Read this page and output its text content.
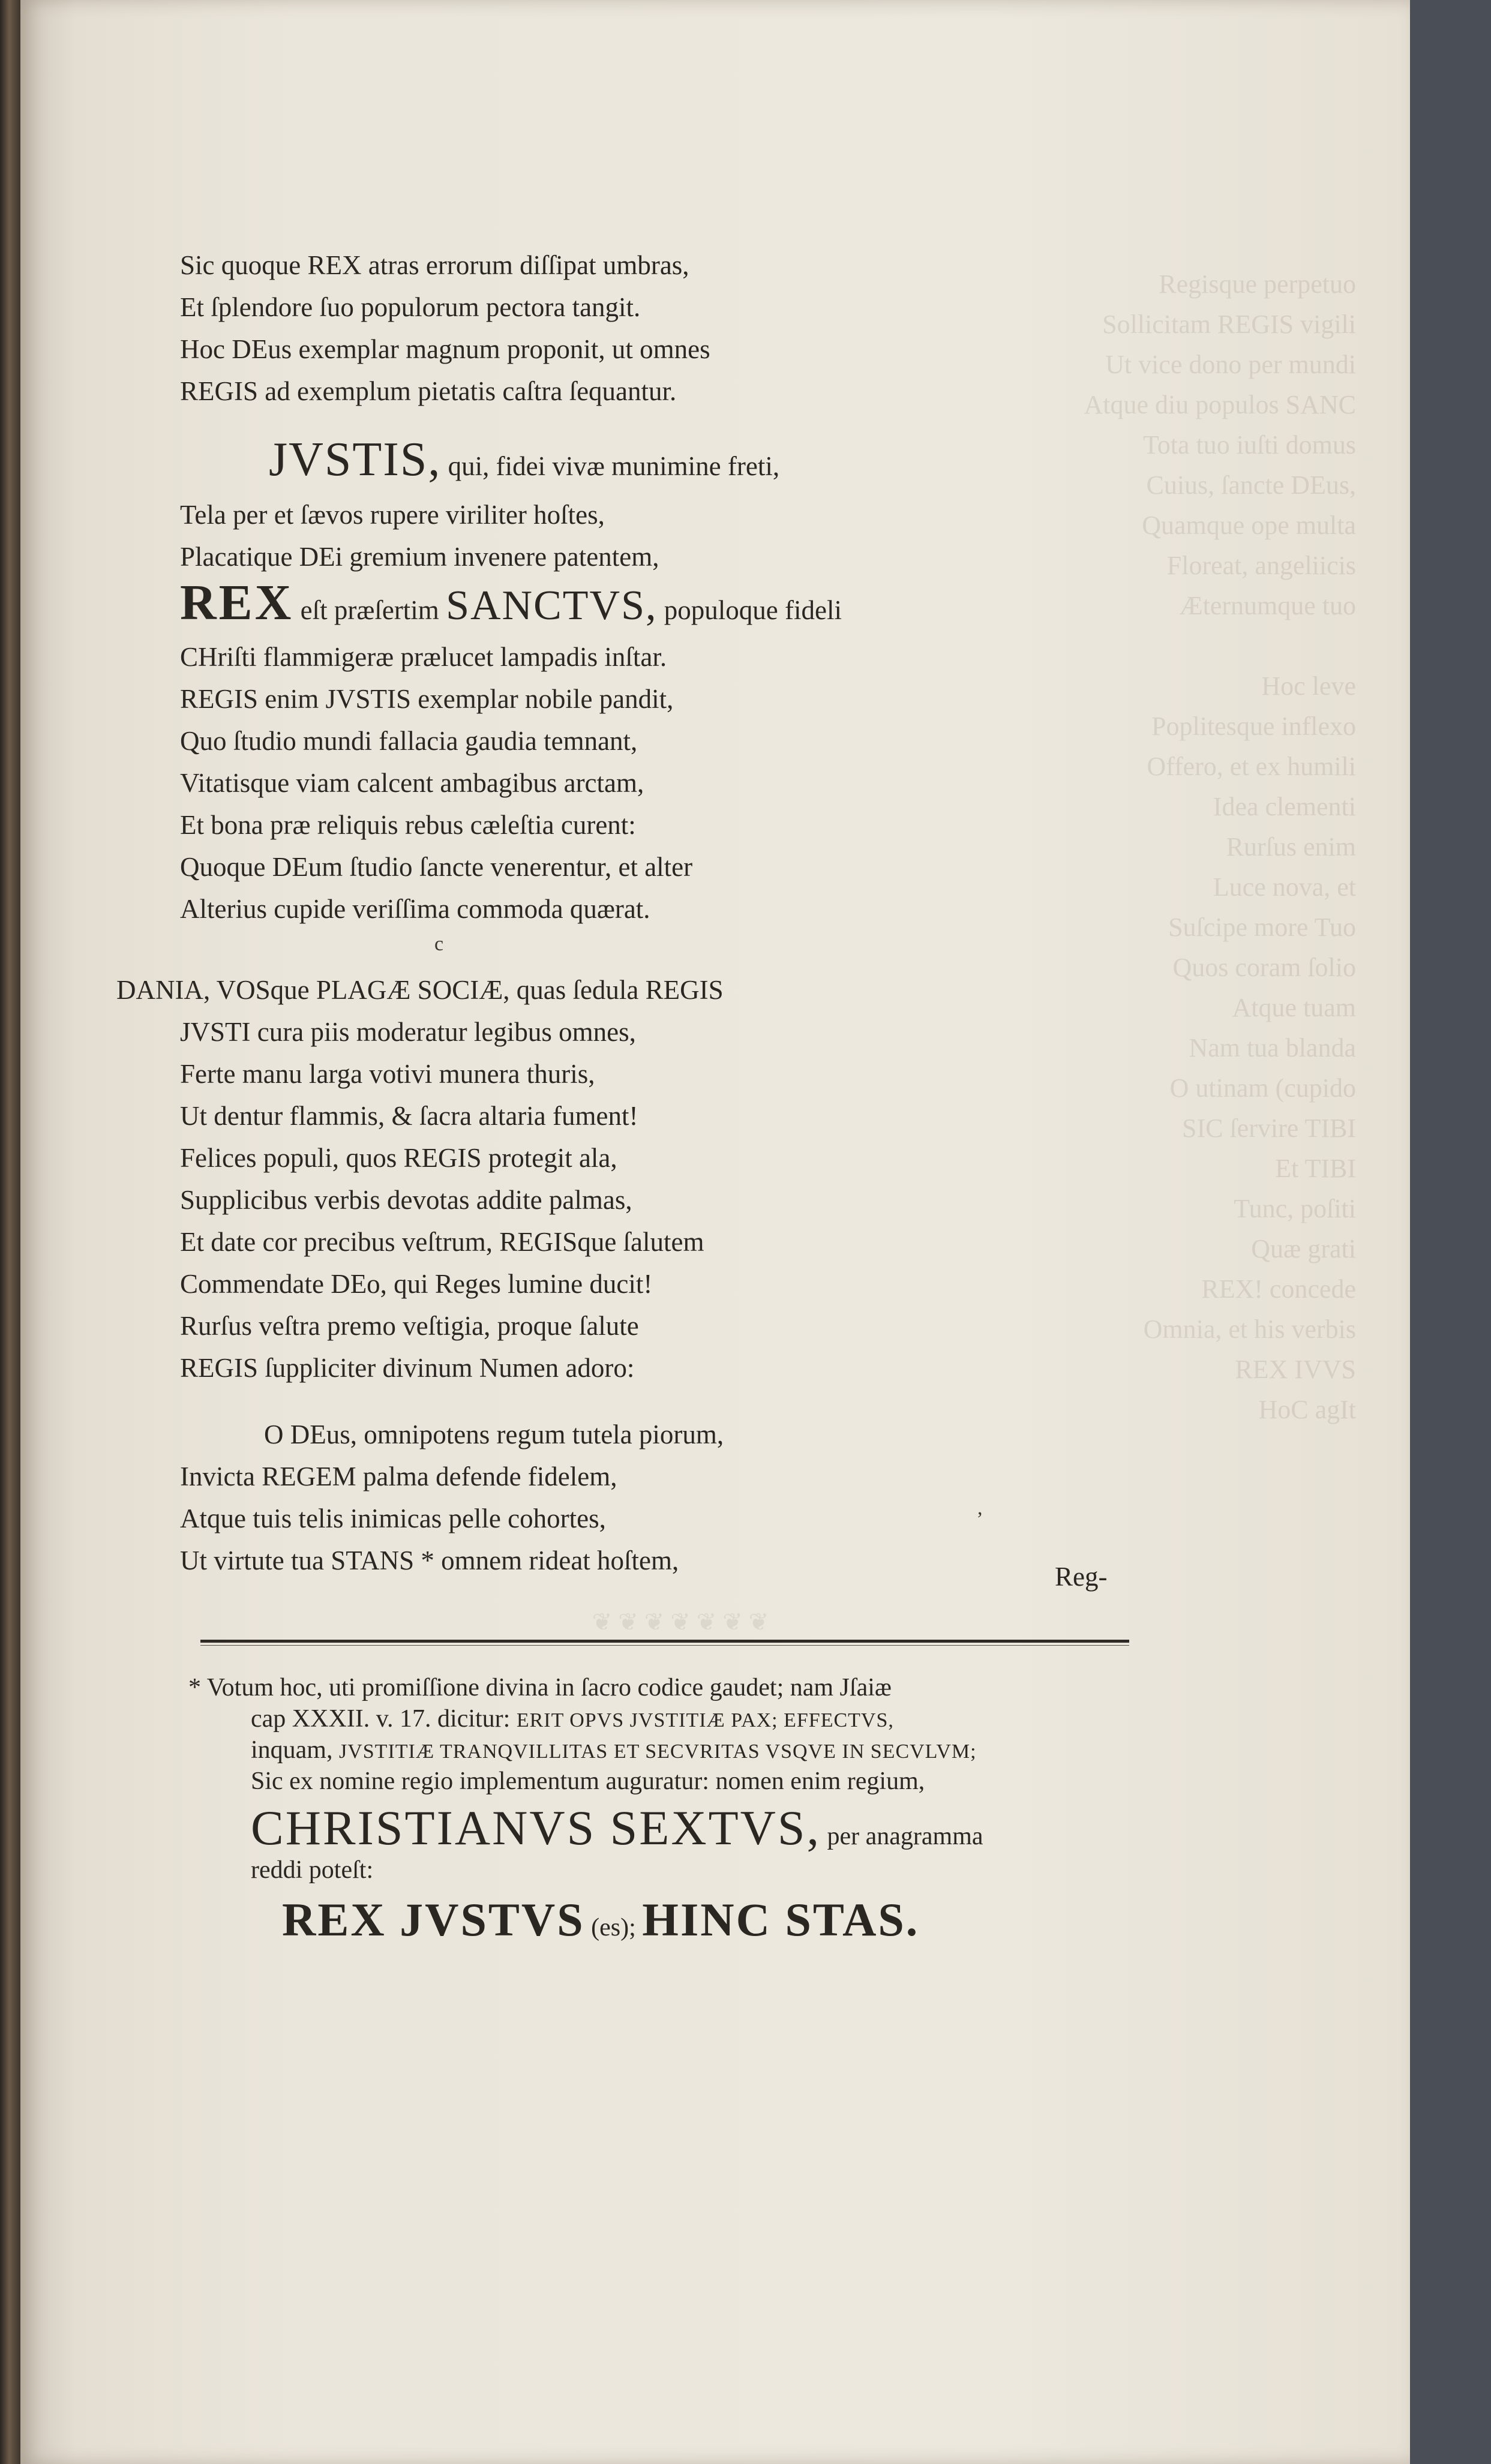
Regisque perpetuo
Sollicitam REGIS vigili
Ut vice dono per mundi
Atque diu populos SANC
Tota tuo iuſti domus
Cuius, ſancte DEus,
Quamque ope multa
Floreat, angeliicis
Æternumque tuo
Hoc leve
Poplitesque inflexo
Offero, et ex humili
Idea clementi
Rurſus enim
Luce nova, et
Suſcipe more Tuo
Quos coram ſolio
Atque tuam
Nam tua blanda
O utinam (cupido
SIC ſervire TIBI
Et TIBI
Tunc, poſiti
Quæ grati
REX! concede
Omnia, et his verbis
REX IVVS
HoC agIt
Sic quoque REX atras errorum diſſipat umbras,
Et ſplendore ſuo populorum pectora tangit.
Hoc DEus exemplar magnum proponit, ut omnes
REGIS ad exemplum pietatis caſtra ſequantur.
JVSTIS, qui, fidei vivæ munimine freti,
Tela per et ſævos rupere viriliter hoſtes,
Placatique DEi gremium invenere patentem,
REX eſt præſertim SANCTVS, populoque fideli
CHriſti flammigeræ prælucet lampadis inſtar.
REGIS enim JVSTIS exemplar nobile pandit,
Quo ſtudio mundi fallacia gaudia temnant,
Vitatisque viam calcent ambagibus arctam,
Et bona præ reliquis rebus cæleſtia curent:
Quoque DEum ſtudio ſancte venerentur, et alter
Alterius cupide veriſſima commoda quærat.
DANIA, VOSque PLAGÆ SOCIÆ, quas ſedula REGIS
JVSTI cura piis moderatur legibus omnes,
Ferte manu larga votivi munera thuris,
Ut dentur flammis, & ſacra altaria fument!
Felices populi, quos REGIS protegit ala,
Supplicibus verbis devotas addite palmas,
Et date cor precibus veſtrum, REGISque ſalutem
Commendate DEo, qui Reges lumine ducit!
Rurſus veſtra premo veſtigia, proque ſalute
REGIS ſuppliciter divinum Numen adoro:
O DEus, omnipotens regum tutela piorum,
Invicta REGEM palma defende fidelem,
Atque tuis telis inimicas pelle cohortes,
Ut virtute tua STANS * omnem rideat hoſtem,
Reg-
c
,
❦ ❦ ❦ ❦ ❦ ❦ ❦
* Votum hoc, uti promiſſione divina in ſacro codice gaudet; nam Jſaiæ
cap XXXII. v. 17. dicitur: ERIT OPVS JVSTITIÆ PAX; EFFECTVS,
inquam, JVSTITIÆ TRANQVILLITAS ET SECVRITAS VSQVE IN SECVLVM;
Sic ex nomine regio implementum auguratur: nomen enim regium,
CHRISTIANVS SEXTVS, per anagramma
reddi poteſt:
REX JVSTVS (es); HINC STAS.
